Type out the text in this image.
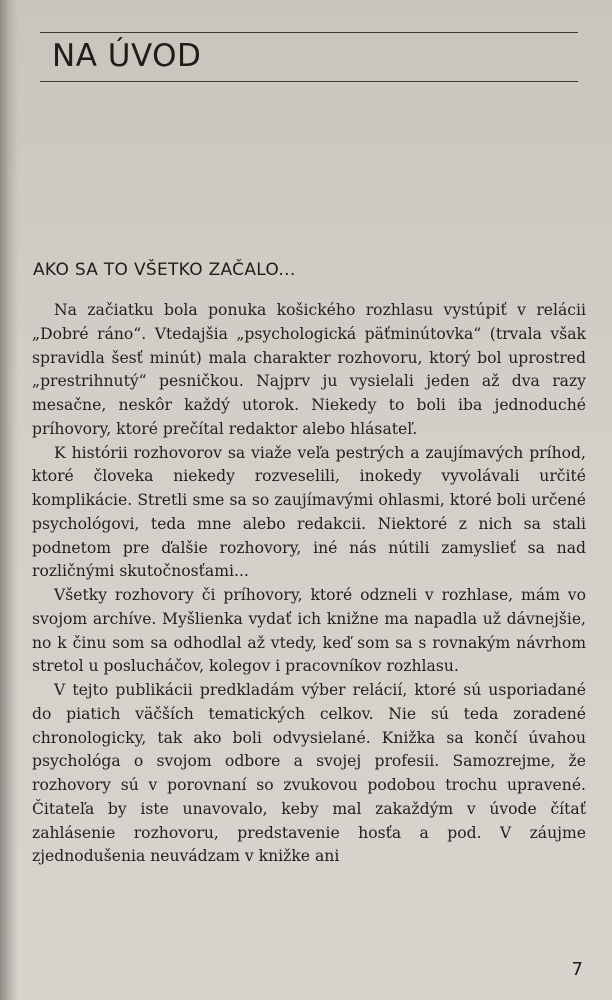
NA ÚVOD
AKO SA TO VŠETKO ZAČALO...

Na začiatku bola ponuka košického rozhlasu vystúpiť v relácii „Dobré ráno“. Vtedajšia „psychologická päťminútovka“ (trvala však spravidla šesť minút) mala charakter rozhovoru, ktorý bol uprostred „prestrihnutý“ pesničkou. Najprv ju vysielali jeden až dva razy mesačne, neskôr každý utorok. Niekedy to boli iba jednoduché príhovory, ktoré prečítal redaktor alebo hlásateľ.

K histórii rozhovorov sa viaže veľa pestrých a zaujímavých príhod, ktoré človeka niekedy rozveselili, inokedy vyvolávali určité komplikácie. Stretli sme sa so zaujímavými ohlasmi, ktoré boli určené psychológovi, teda mne alebo redakcii. Niektoré z nich sa stali podnetom pre ďalšie rozhovory, iné nás nútili zamyslieť sa nad rozličnými skutočnosťami...

Všetky rozhovory či príhovory, ktoré odzneli v rozhlase, mám vo svojom archíve. Myšlienka vydať ich knižne ma napadla už dávnejšie, no k činu som sa odhodlal až vtedy, keď som sa s rovnakým návrhom stretol u poslucháčov, kolegov i pracovníkov rozhlasu.

V tejto publikácii predkladám výber relácií, ktoré sú usporiadané do piatich väčších tematických celkov. Nie sú teda zoradené chronologicky, tak ako boli odvysielané. Knižka sa končí úvahou psychológa o svojom odbore a svojej profesii. Samozrejme, že rozhovory sú v porovnaní so zvukovou podobou trochu upravené. Čitateľa by iste unavovalo, keby mal zakaždým v úvode čítať zahlásenie rozhovoru, predstavenie hosťa a pod. V záujme zjednodušenia neuvádzam v knižke ani

7
